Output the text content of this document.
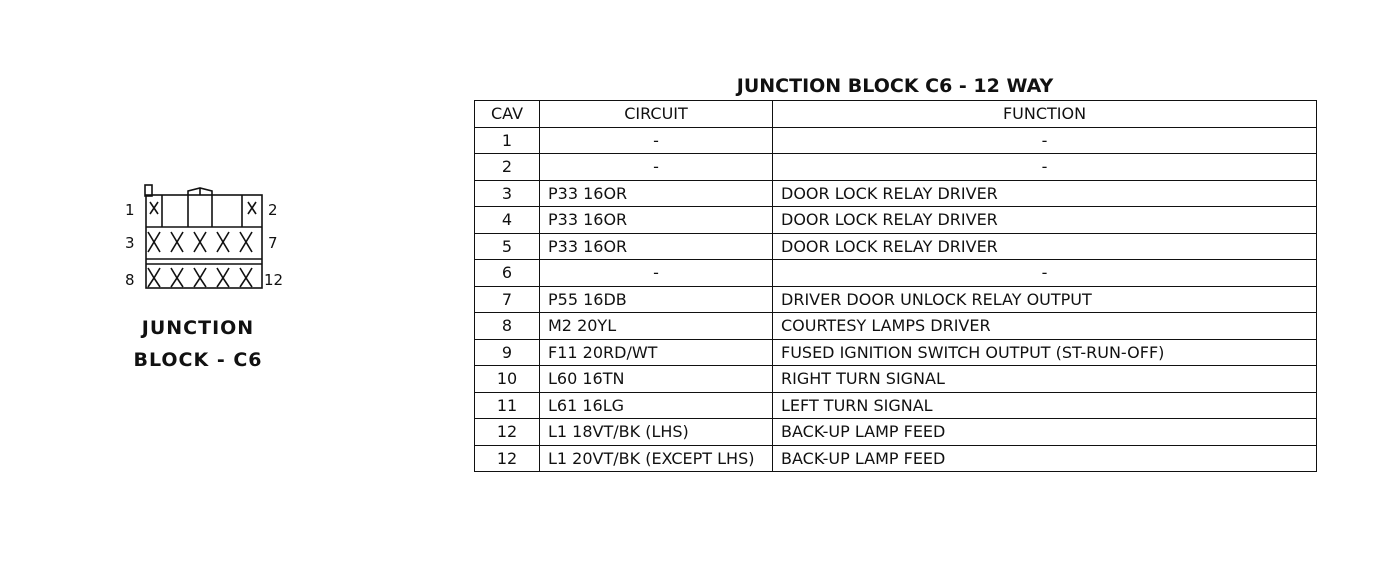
1	2
3	7
8	12
JUNCTION
BLOCK - C6
JUNCTION BLOCK C6 - 12 WAY
CAV	CIRCUIT	FUNCTION
1	-	-
2	-	-
3	P33 16OR	DOOR LOCK RELAY DRIVER
4	P33 16OR	DOOR LOCK RELAY DRIVER
5	P33 16OR	DOOR LOCK RELAY DRIVER
6	-	-
7	P55 16DB	DRIVER DOOR UNLOCK RELAY OUTPUT
8	M2 20YL	COURTESY LAMPS DRIVER
9	F11 20RD/WT	FUSED IGNITION SWITCH OUTPUT (ST-RUN-OFF)
10	L60 16TN	RIGHT TURN SIGNAL
11	L61 16LG	LEFT TURN SIGNAL
12	L1 18VT/BK (LHS)	BACK-UP LAMP FEED
12	L1 20VT/BK (EXCEPT LHS)	BACK-UP LAMP FEED
